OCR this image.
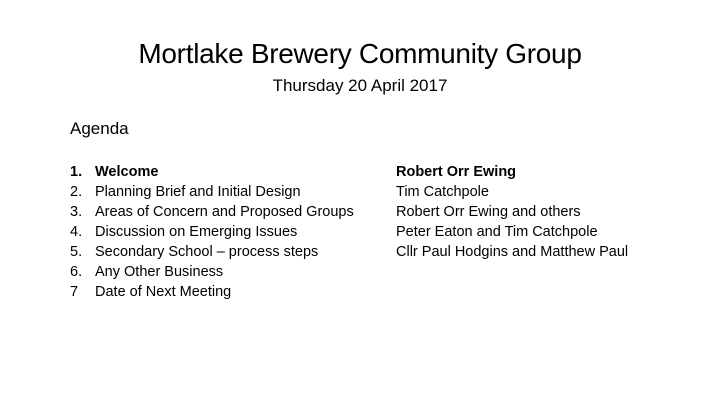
Mortlake Brewery Community Group
Thursday 20 April 2017
Agenda
1. Welcome	Robert Orr Ewing
2. Planning Brief and Initial Design	Tim Catchpole
3. Areas of Concern and Proposed Groups	Robert Orr Ewing and others
4. Discussion on Emerging Issues	Peter Eaton and Tim Catchpole
5. Secondary School – process steps	Cllr Paul Hodgins and Matthew Paul
6. Any Other Business
7 Date of Next Meeting
